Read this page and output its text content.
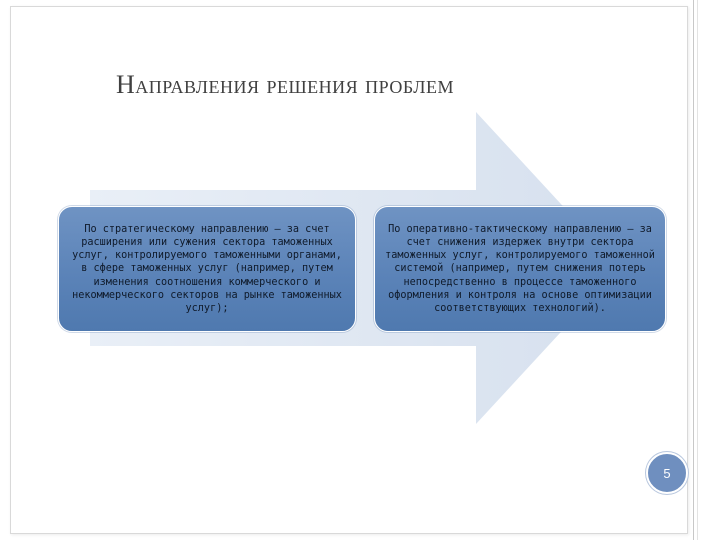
Направления решения проблем
По стратегическому направлению – за счет расширения или сужения сектора таможенных услуг, контролируемого таможенными органами, в сфере таможенных услуг (например, путем изменения соотношения коммерческого и некоммерческого секторов на рынке таможенных услуг);
По оперативно-тактическому направлению – за счет снижения издержек внутри сектора таможенных услуг, контролируемого таможенной системой (например, путем снижения потерь непосредственно в процессе таможенного оформления и контроля на основе оптимизации соответствующих технологий).
5
